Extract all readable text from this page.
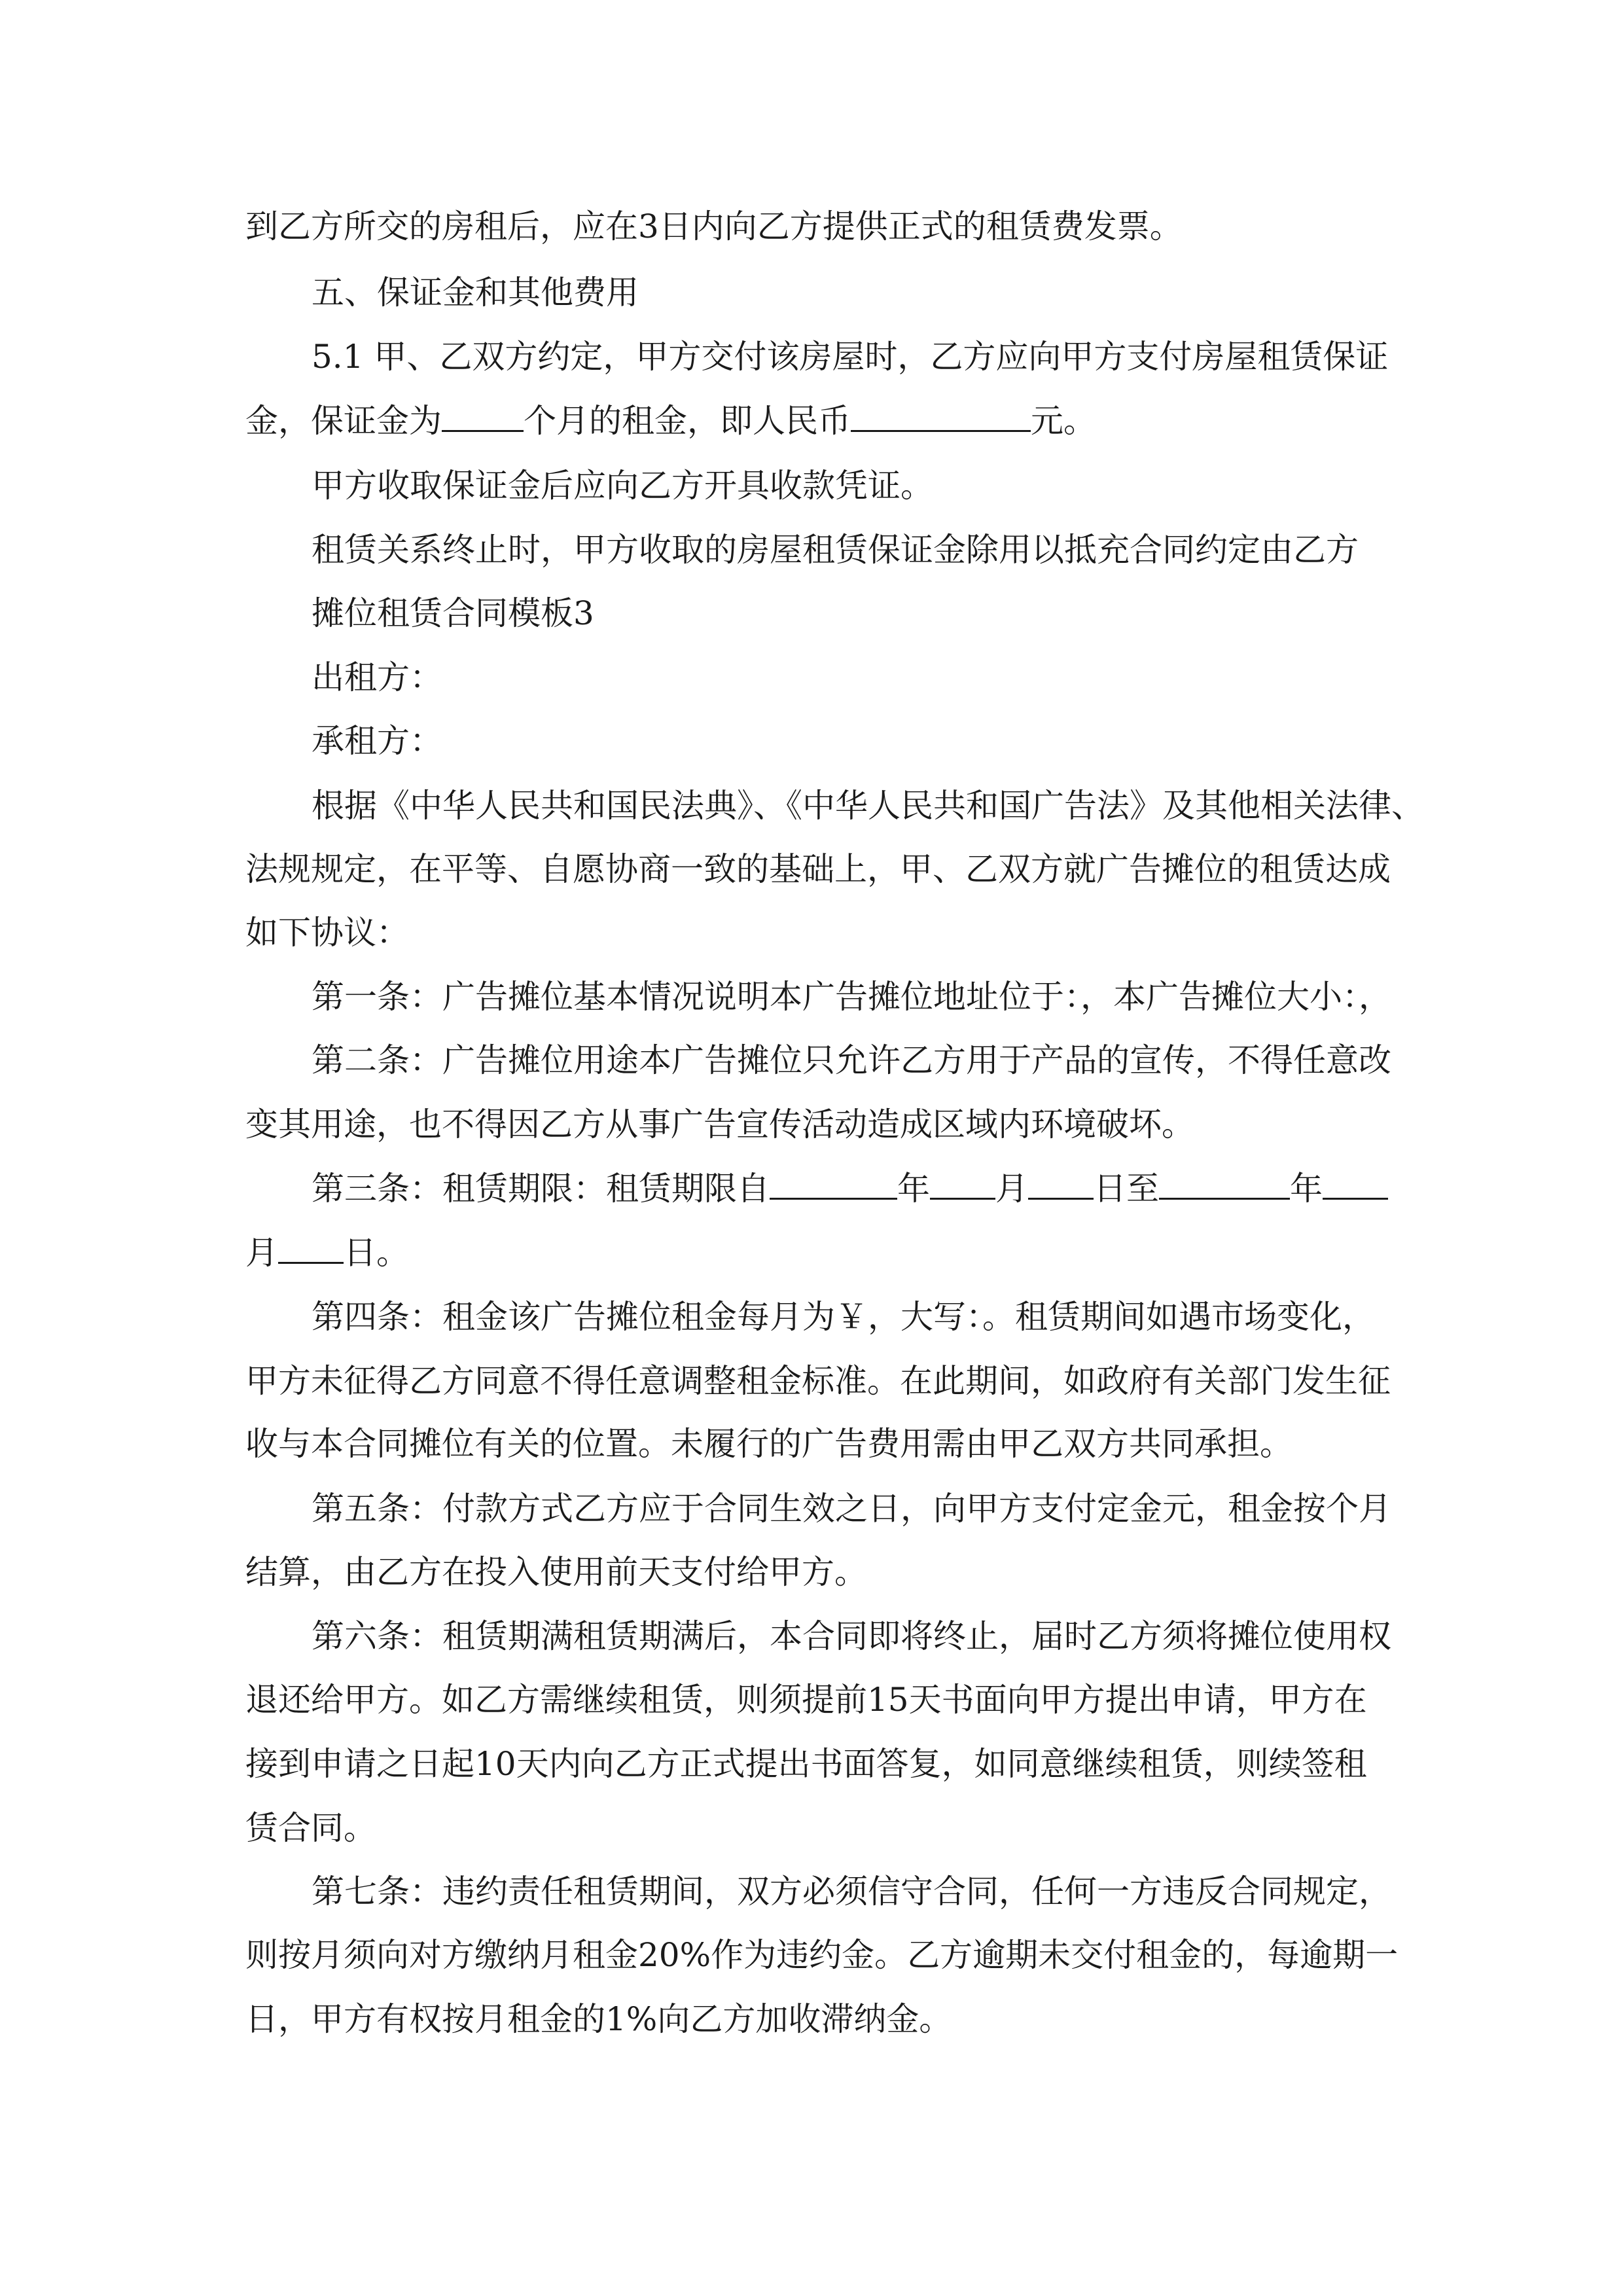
到乙方所交的房租后，应在3日内向乙方提供正式的租赁费发票。
五、保证金和其他费用
5.1 甲、乙双方约定，甲方交付该房屋时，乙方应向甲方支付房屋租赁保证
金，保证金为	个月的租金，即人民币	元。
甲方收取保证金后应向乙方开具收款凭证。
租赁关系终止时，甲方收取的房屋租赁保证金除用以抵充合同约定由乙方
摊位租赁合同模板3
出租方：
承租方：
根据《中华人民共和国民法典》、《中华人民共和国广告法》及其他相关法律、
法规规定，在平等、自愿协商一致的基础上，甲、乙双方就广告摊位的租赁达成
如下协议：
第一条：广告摊位基本情况说明本广告摊位地址位于：，本广告摊位大小：，
第二条：广告摊位用途本广告摊位只允许乙方用于产品的宣传，不得任意改
变其用途，也不得因乙方从事广告宣传活动造成区域内环境破坏。
第三条：租赁期限：租赁期限自	年 月 日至	年
月 日。
第四条：租金该广告摊位租金每月为￥，大写：。租赁期间如遇市场变化，
甲方未征得乙方同意不得任意调整租金标准。在此期间，如政府有关部门发生征
收与本合同摊位有关的位置。未履行的广告费用需由甲乙双方共同承担。
第五条：付款方式乙方应于合同生效之日，向甲方支付定金元，租金按个月
结算，由乙方在投入使用前天支付给甲方。
第六条：租赁期满租赁期满后，本合同即将终止，届时乙方须将摊位使用权
退还给甲方。如乙方需继续租赁，则须提前15天书面向甲方提出申请，甲方在
接到申请之日起10天内向乙方正式提出书面答复，如同意继续租赁，则续签租
赁合同。
第七条：违约责任租赁期间，双方必须信守合同，任何一方违反合同规定，
则按月须向对方缴纳月租金20%作为违约金。乙方逾期未交付租金的，每逾期一
日，甲方有权按月租金的1%向乙方加收滞纳金。
